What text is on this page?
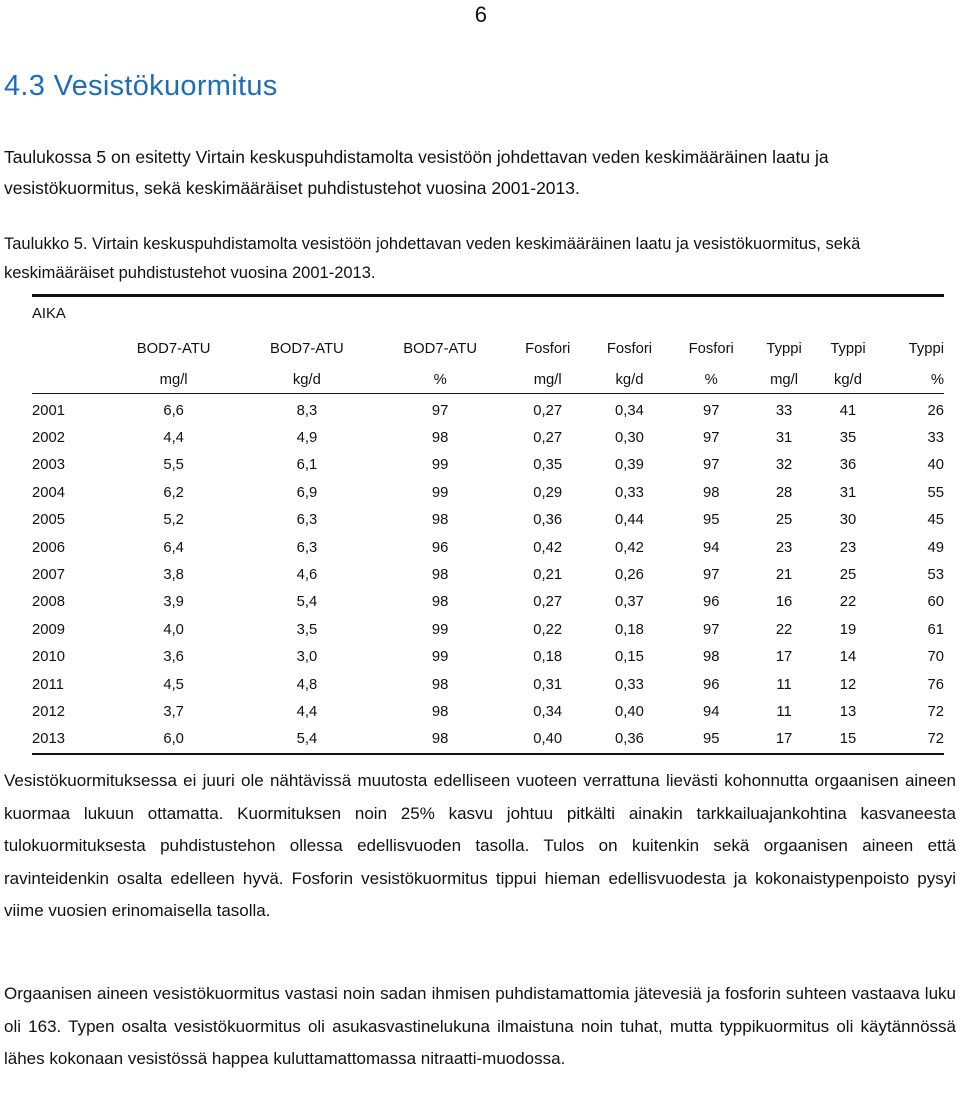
6
4.3 Vesistökuormitus

Taulukossa 5 on esitetty Virtain keskuspuhdistamolta vesistöön johdettavan veden keskimääräinen laatu ja vesistökuormitus, sekä keskimääräiset puhdistustehot vuosina 2001-2013.

Taulukko 5. Virtain keskuspuhdistamolta vesistöön johdettavan veden keskimääräinen laatu ja vesistökuormitus, sekä keskimääräiset puhdistustehot vuosina 2001-2013.

AIKA									
	BOD7-ATU	BOD7-ATU	BOD7-ATU	Fosfori	Fosfori	Fosfori	Typpi	Typpi	Typpi
	mg/l	kg/d	%	mg/l	kg/d	%	mg/l	kg/d	%
2001	6,6	8,3	97	0,27	0,34	97	33	41	26
2002	4,4	4,9	98	0,27	0,30	97	31	35	33
2003	5,5	6,1	99	0,35	0,39	97	32	36	40
2004	6,2	6,9	99	0,29	0,33	98	28	31	55
2005	5,2	6,3	98	0,36	0,44	95	25	30	45
2006	6,4	6,3	96	0,42	0,42	94	23	23	49
2007	3,8	4,6	98	0,21	0,26	97	21	25	53
2008	3,9	5,4	98	0,27	0,37	96	16	22	60
2009	4,0	3,5	99	0,22	0,18	97	22	19	61
2010	3,6	3,0	99	0,18	0,15	98	17	14	70
2011	4,5	4,8	98	0,31	0,33	96	11	12	76
2012	3,7	4,4	98	0,34	0,40	94	11	13	72
2013	6,0	5,4	98	0,40	0,36	95	17	15	72

Vesistökuormituksessa ei juuri ole nähtävissä muutosta edelliseen vuoteen verrattuna lievästi kohonnutta orgaanisen aineen kuormaa lukuun ottamatta. Kuormituksen noin 25% kasvu johtuu pitkälti ainakin tarkkailuajankohtina kasvaneesta tulokuormituksesta puhdistustehon ollessa edellisvuoden tasolla. Tulos on kuitenkin sekä orgaanisen aineen että ravinteidenkin osalta edelleen hyvä. Fosforin vesistökuormitus tippui hieman edellisvuodesta ja kokonaistypenpoisto pysyi viime vuosien erinomaisella tasolla.

Orgaanisen aineen vesistökuormitus vastasi noin sadan ihmisen puhdistamattomia jätevesiä ja fosforin suhteen vastaava luku oli 163. Typen osalta vesistökuormitus oli asukasvastinelukuna ilmaistuna noin tuhat, mutta typpikuormitus oli käytännössä lähes kokonaan vesistössä happea kuluttamattomassa nitraatti-muodossa.
